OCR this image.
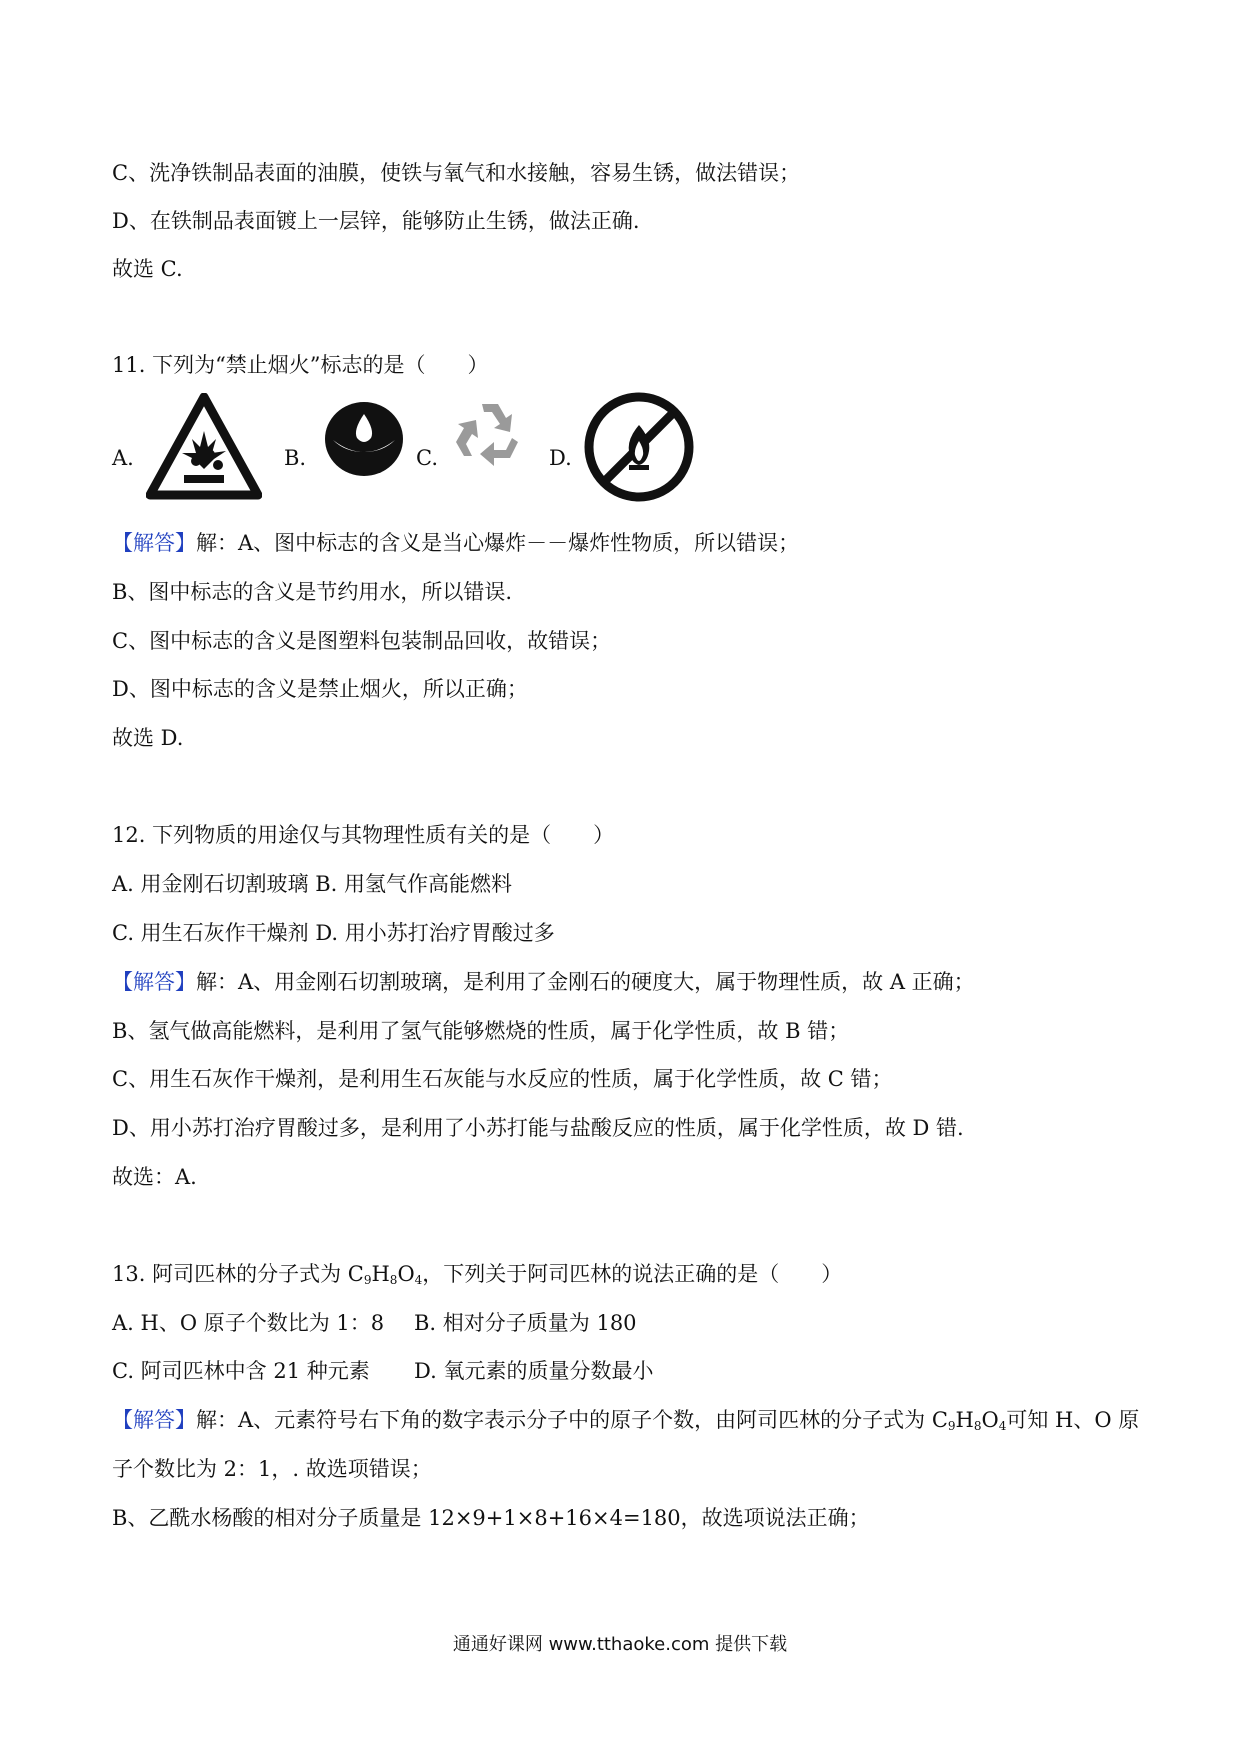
C、洗净铁制品表面的油膜，使铁与氧气和水接触，容易生锈，做法错误；
D、在铁制品表面镀上一层锌，能够防止生锈，做法正确.
故选 C.
11. 下列为“禁止烟火”标志的是（　　）
A.	B.	C.	D.
【解答】解：A、图中标志的含义是当心爆炸－－爆炸性物质，所以错误；
B、图中标志的含义是节约用水，所以错误.
C、图中标志的含义是图塑料包装制品回收，故错误；
D、图中标志的含义是禁止烟火，所以正确；
故选 D.
12. 下列物质的用途仅与其物理性质有关的是（　　）
A. 用金刚石切割玻璃 B. 用氢气作高能燃料
C. 用生石灰作干燥剂 D. 用小苏打治疗胃酸过多
【解答】解：A、用金刚石切割玻璃，是利用了金刚石的硬度大，属于物理性质，故 A 正确；
B、氢气做高能燃料，是利用了氢气能够燃烧的性质，属于化学性质，故 B 错；
C、用生石灰作干燥剂，是利用生石灰能与水反应的性质，属于化学性质，故 C 错；
D、用小苏打治疗胃酸过多，是利用了小苏打能与盐酸反应的性质，属于化学性质，故 D 错.
故选：A.
13. 阿司匹林的分子式为 $C_9H_8O_4$，下列关于阿司匹林的说法正确的是（　　）
A. H、O 原子个数比为 1：8 B. 相对分子质量为 180
C. 阿司匹林中含 21 种元素 D. 氧元素的质量分数最小
【解答】解：A、元素符号右下角的数字表示分子中的原子个数，由阿司匹林的分子式为 $C_9H_8O_4$可知 H、O 原
子个数比为 2：1，. 故选项错误；
B、乙酰水杨酸的相对分子质量是 12×9+1×8+16×4=180，故选项说法正确；
通通好课网 www.tthaoke.com 提供下载
